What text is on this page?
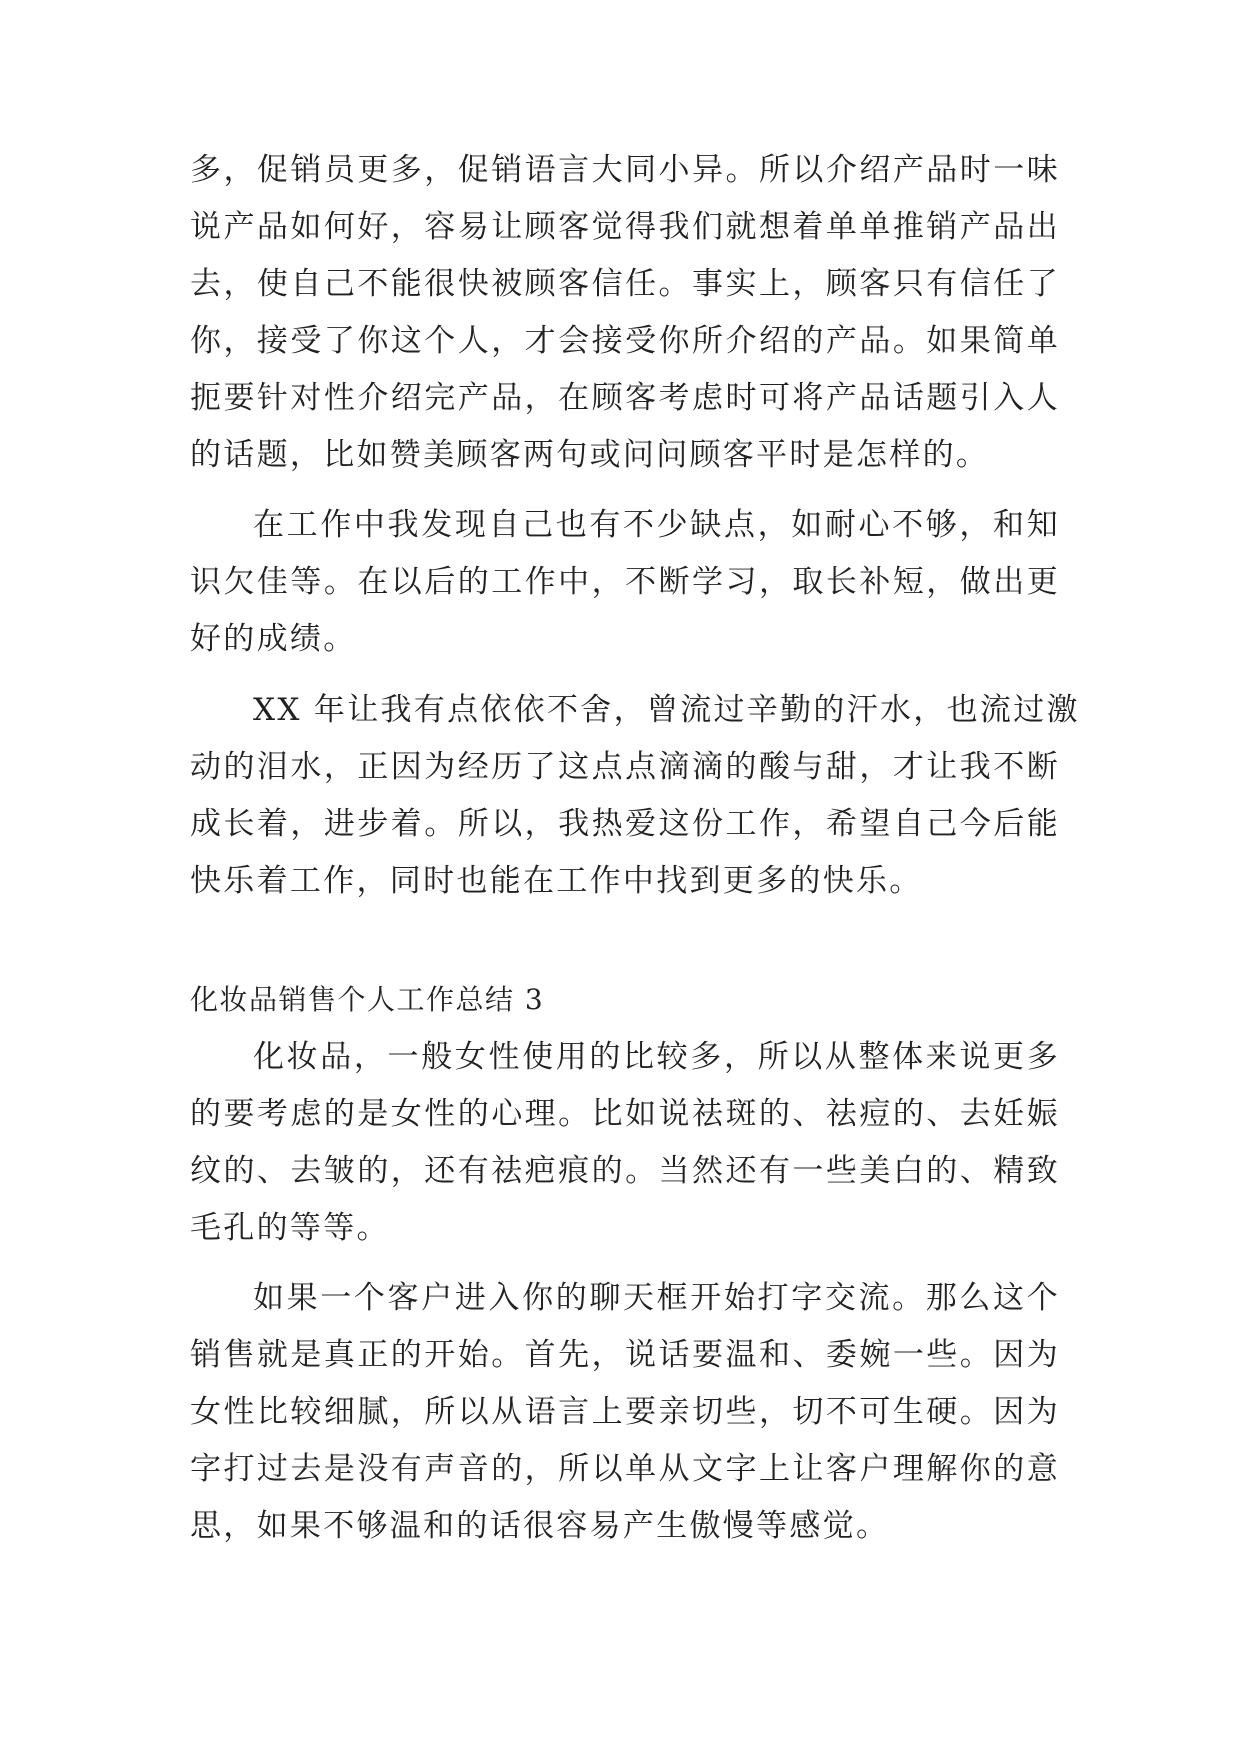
多，促销员更多，促销语言大同小异。所以介绍产品时一味
说产品如何好，容易让顾客觉得我们就想着单单推销产品出
去，使自己不能很快被顾客信任。事实上，顾客只有信任了
你，接受了你这个人，才会接受你所介绍的产品。如果简单
扼要针对性介绍完产品，在顾客考虑时可将产品话题引入人
的话题，比如赞美顾客两句或问问顾客平时是怎样的。
在工作中我发现自己也有不少缺点，如耐心不够，和知
识欠佳等。在以后的工作中，不断学习，取长补短，做出更
好的成绩。
XX 年让我有点依依不舍，曾流过辛勤的汗水，也流过激
动的泪水，正因为经历了这点点滴滴的酸与甜，才让我不断
成长着，进步着。所以，我热爱这份工作，希望自己今后能
快乐着工作，同时也能在工作中找到更多的快乐。
化妆品销售个人工作总结 3
化妆品，一般女性使用的比较多，所以从整体来说更多
的要考虑的是女性的心理。比如说祛斑的、祛痘的、去妊娠
纹的、去皱的，还有祛疤痕的。当然还有一些美白的、精致
毛孔的等等。
如果一个客户进入你的聊天框开始打字交流。那么这个
销售就是真正的开始。首先，说话要温和、委婉一些。因为
女性比较细腻，所以从语言上要亲切些，切不可生硬。因为
字打过去是没有声音的，所以单从文字上让客户理解你的意
思，如果不够温和的话很容易产生傲慢等感觉。
